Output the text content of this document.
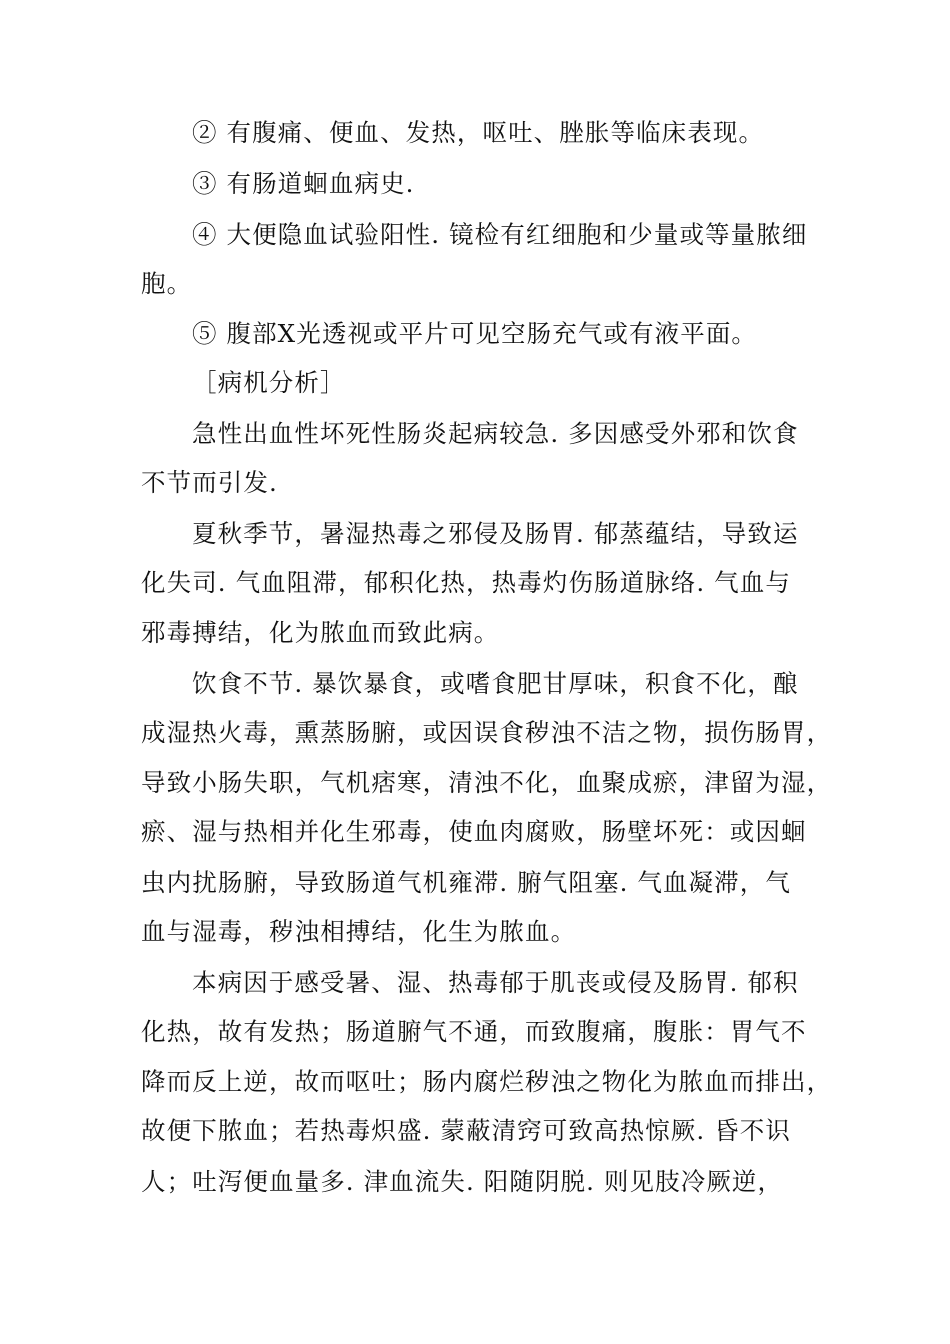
② 有腹痛、便血、发热，呕吐、脞胀等临床表现。
③ 有肠道蛔血病史.
④ 大便隐血试验阳性. 镜检有红细胞和少量或等量脓细
胞。
⑤ 腹部X光透视或平片可见空肠充气或有液平面。
［病机分析］
急性出血性坏死性肠炎起病较急. 多因感受外邪和饮食
不节而引发.
夏秋季节，暑湿热毒之邪侵及肠胃. 郁蒸蕴结，导致运
化失司. 气血阻滞，郁积化热，热毒灼伤肠道脉络. 气血与
邪毒搏结，化为脓血而致此病。
饮食不节. 暴饮暴食，或嗜食肥甘厚味，积食不化，酿
成湿热火毒，熏蒸肠腑，或因误食秽浊不洁之物，损伤肠胃，
导致小肠失职，气机痞寒，清浊不化，血聚成瘀，津留为湿，
瘀、湿与热相并化生邪毒，使血肉腐败，肠壁坏死：或因蛔
虫内扰肠腑，导致肠道气机雍滞. 腑气阻塞. 气血凝滞，气
血与湿毒，秽浊相搏结，化生为脓血。
本病因于感受暑、湿、热毒郁于肌丧或侵及肠胃. 郁积
化热，故有发热；肠道腑气不通，而致腹痛，腹胀：胃气不
降而反上逆，故而呕吐；肠内腐烂秽浊之物化为脓血而排出，
故便下脓血；若热毒炽盛. 蒙蔽清窍可致高热惊厥. 昏不识
人；吐泻便血量多. 津血流失. 阳随阴脱. 则见肢冷厥逆，
